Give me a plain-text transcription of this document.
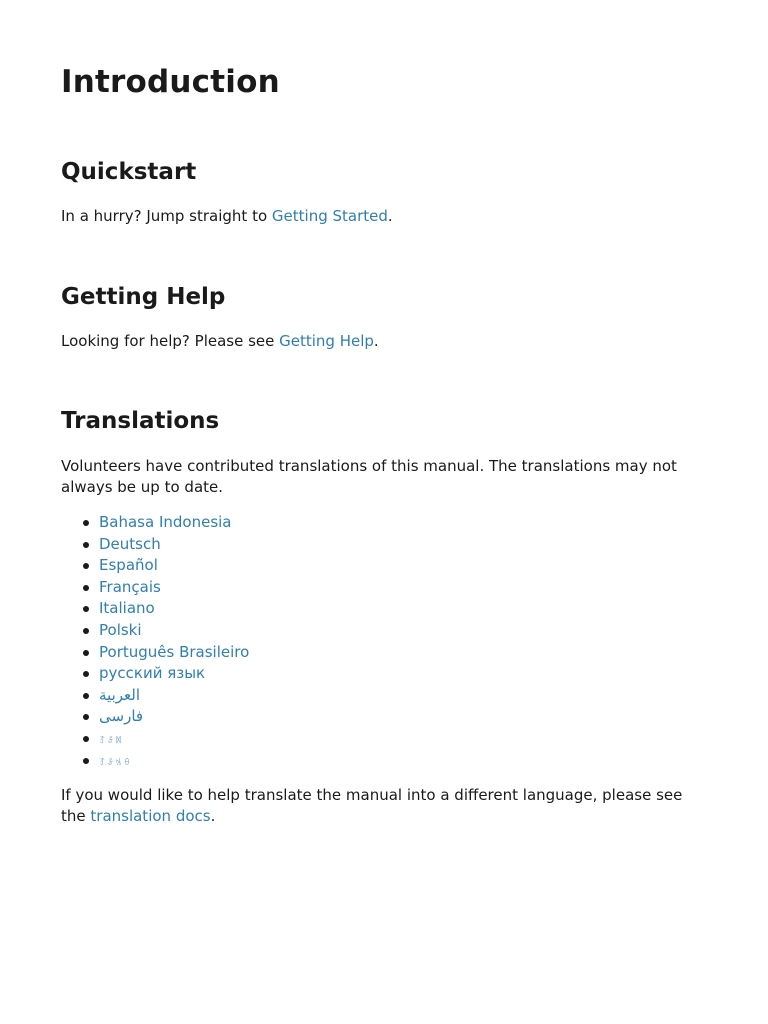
Introduction
Quickstart

In a hurry? Jump straight to Getting Started.

Getting Help

Looking for help? Please see Getting Help.

Translations

Volunteers have contributed translations of this manual. The translations may not always be up to date.

Bahasa Indonesia
Deutsch
Español
Français
Italiano
Polski
Português Brasileiro
русский язык
العربية
فارسی
ꆈꌠꉙ
ꆈꌠꁱꂷ

If you would like to help translate the manual into a different language, please see the translation docs.
